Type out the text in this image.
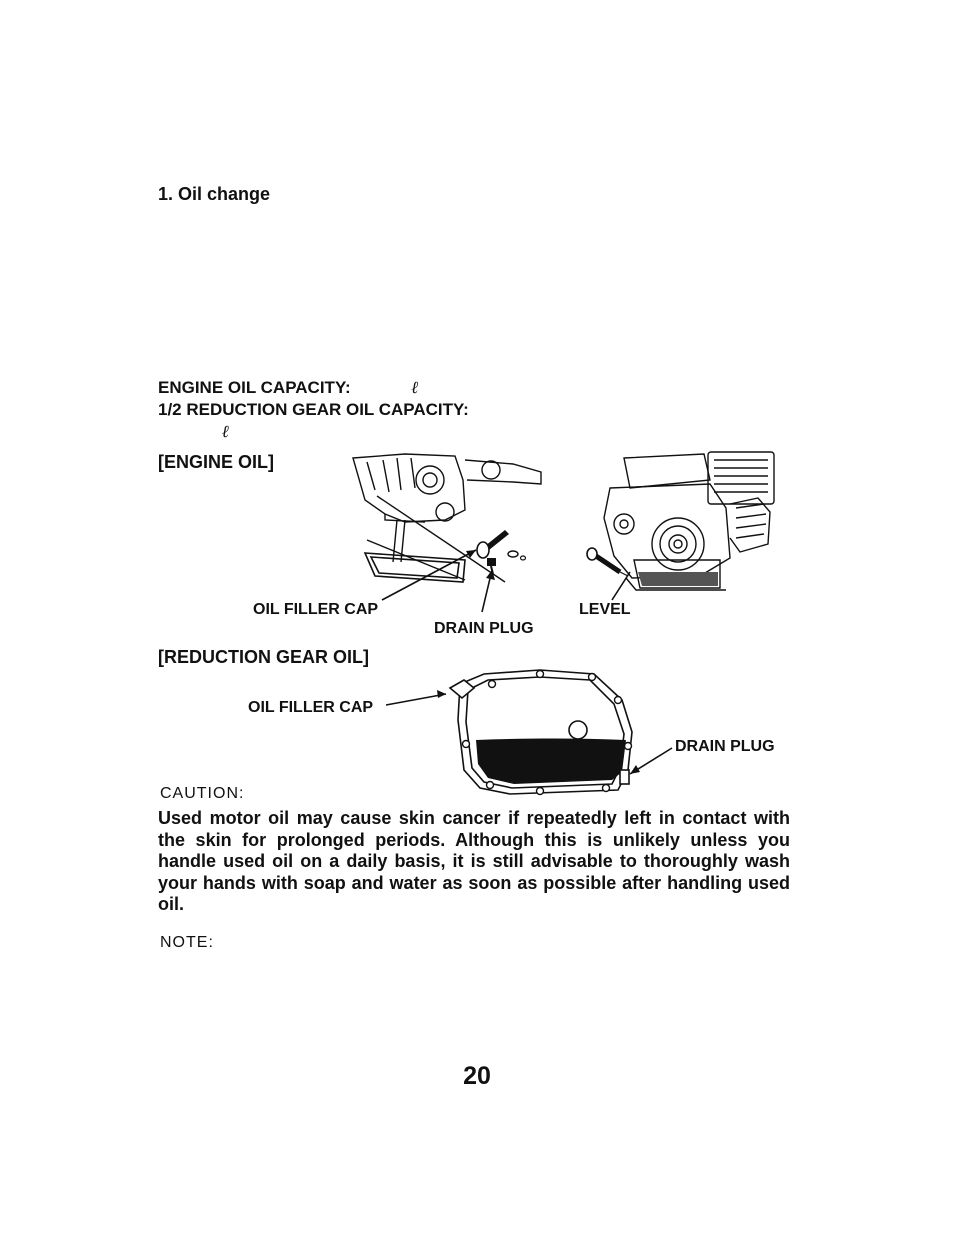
1. Oil change
ENGINE OIL CAPACITY:	ℓ
1/2 REDUCTION GEAR OIL CAPACITY:
ℓ
[ENGINE OIL]
OIL FILLER CAP
DRAIN PLUG
LEVEL
[REDUCTION GEAR OIL]
OIL FILLER CAP
DRAIN PLUG
CAUTION:
Used motor oil may cause skin cancer if repeatedly left in contact with the skin for prolonged periods. Although this is unlikely unless you handle used oil on a daily basis, it is still advisable to thoroughly wash your hands with soap and water as soon as possible after handling used oil.
NOTE:
20
